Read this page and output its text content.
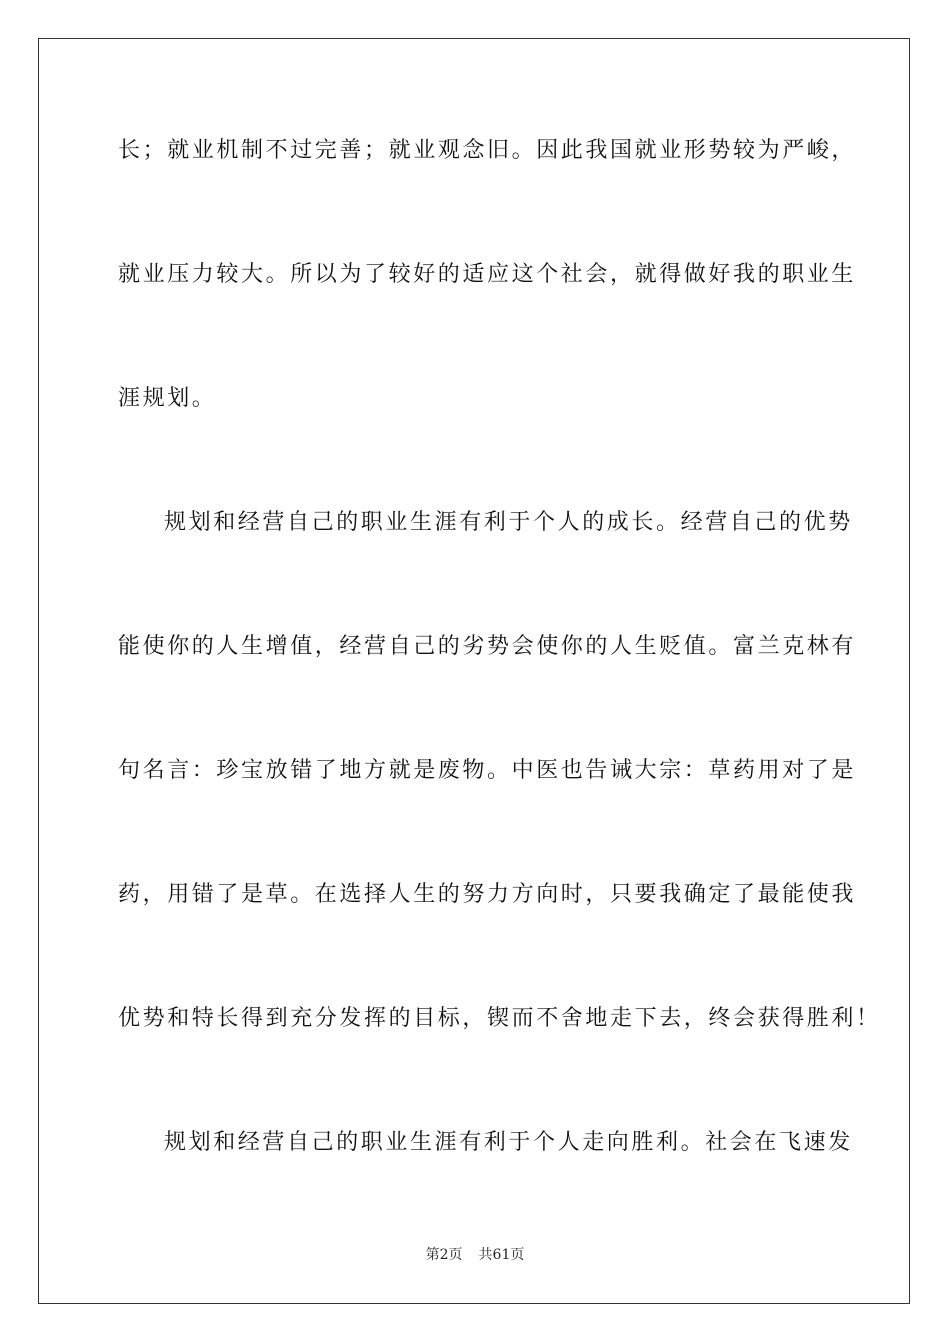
长；就业机制不过完善；就业观念旧。因此我国就业形势较为严峻，
就业压力较大。所以为了较好的适应这个社会，就得做好我的职业生
涯规划。
规划和经营自己的职业生涯有利于个人的成长。经营自己的优势
能使你的人生增值，经营自己的劣势会使你的人生贬值。富兰克林有
句名言：珍宝放错了地方就是废物。中医也告诫大宗：草药用对了是
药，用错了是草。在选择人生的努力方向时，只要我确定了最能使我
优势和特长得到充分发挥的目标，锲而不舍地走下去，终会获得胜利！
规划和经营自己的职业生涯有利于个人走向胜利。社会在飞速发
第2页 共61页
